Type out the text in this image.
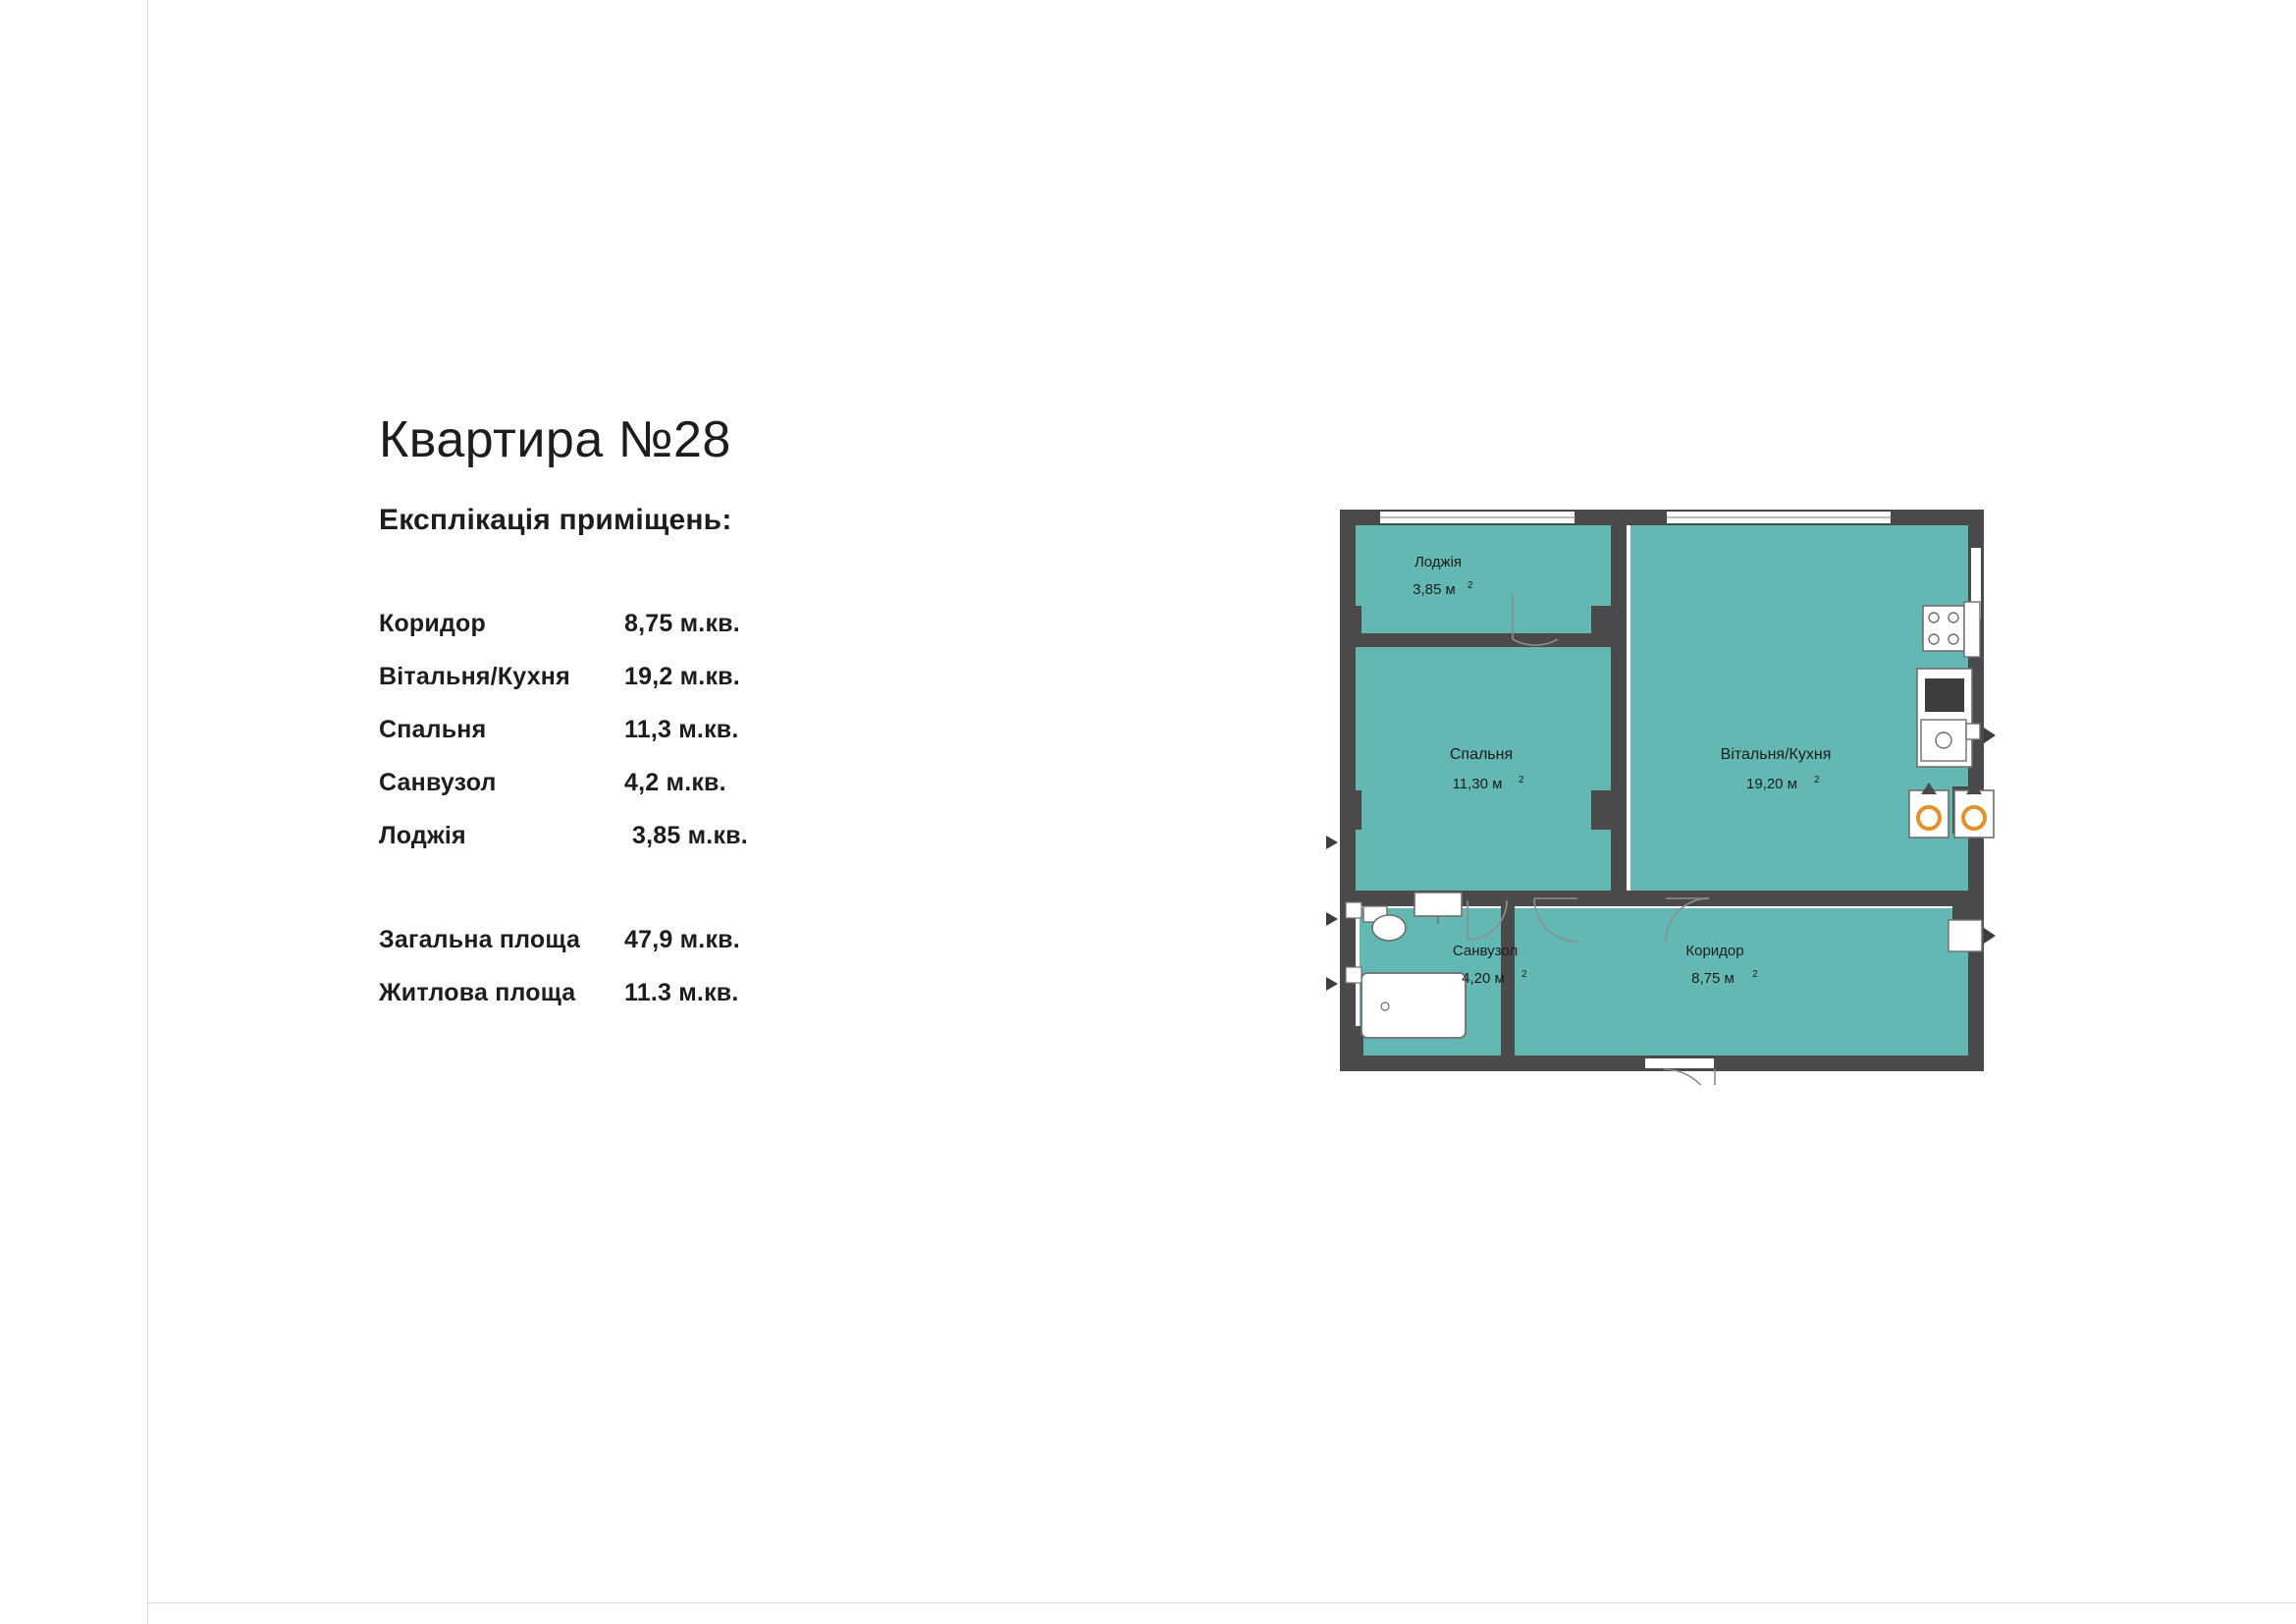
Квартира №28
Експлікація приміщень:
Коридор	8,75 м.кв.
Вітальня/Кухня	19,2 м.кв.
Спальня	11,3 м.кв.
Санвузол	4,2 м.кв.
Лоджія	3,85 м.кв.
Загальна площа	47,9 м.кв.
Житлова площа	11.3 м.кв.
Лоджія
3,85 м 2
Спальня
11,30 м 2
Вітальня/Кухня
19,20 м 2
Санвузол
4,20 м 2
Коридор
8,75 м 2
